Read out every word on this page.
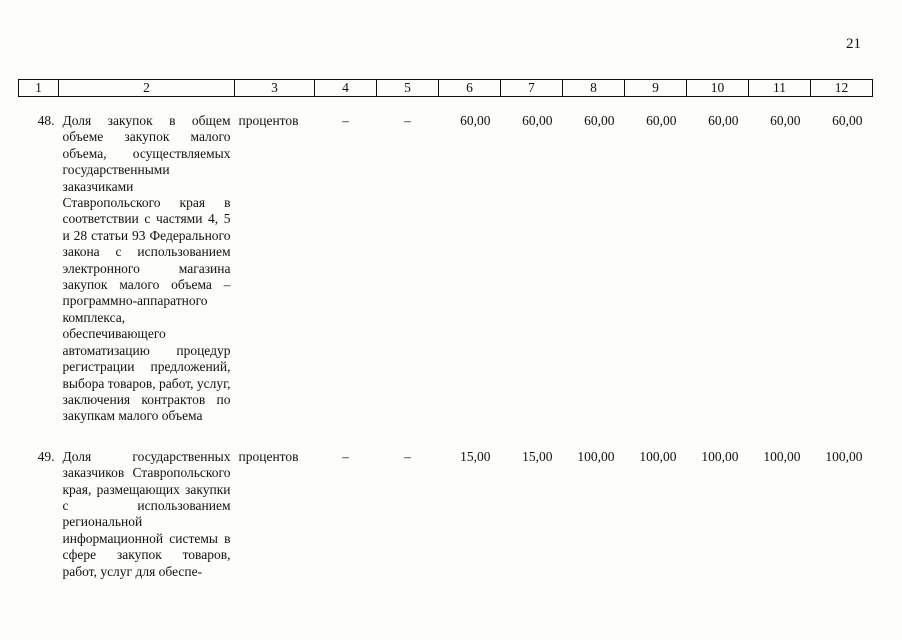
21
1	2	3	4	5	6	7	8	9	10	11	12
48.	Доля закупок в общем объеме закупок малого объема, осуществляемых государственными заказчиками Ставропольского края в соответствии с частями 4, 5 и 28 статьи 93 Федерального закона с использованием электронного магазина закупок малого объема – программно-аппаратного комплекса, обеспечивающего автоматизацию процедур регистрации предложений, выбора товаров, работ, услуг, заключения контрактов по закупкам малого объема	процентов	–	–	60,00	60,00	60,00	60,00	60,00	60,00	60,00
49.	Доля государственных заказчиков Ставропольского края, размещающих закупки с использованием региональной информационной системы в сфере закупок товаров, работ, услуг для обеспе-	процентов	–	–	15,00	15,00	100,00	100,00	100,00	100,00	100,00
